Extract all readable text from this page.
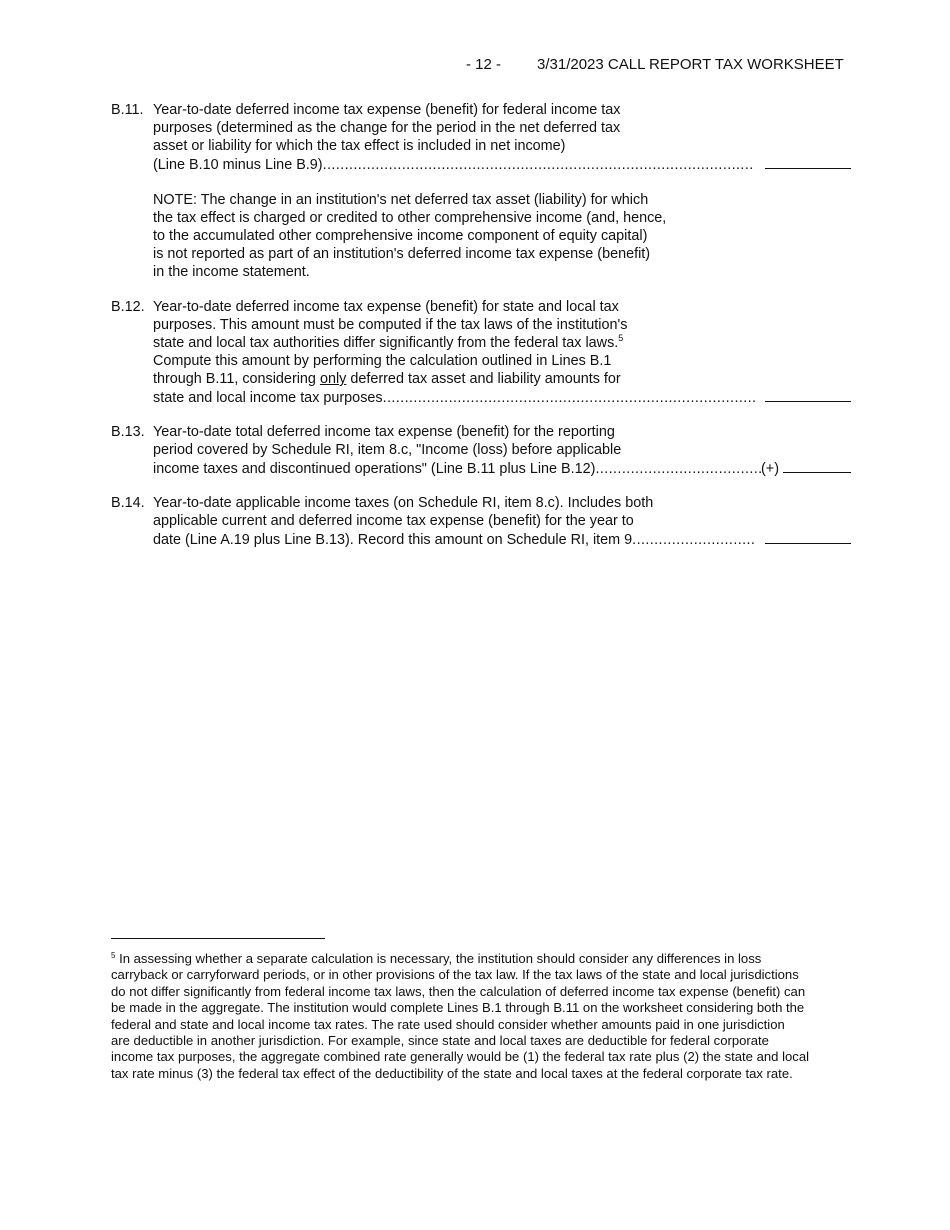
- 12 - 3/31/2023 CALL REPORT TAX WORKSHEET
B.11. Year-to-date deferred income tax expense (benefit) for federal income tax
purposes (determined as the change for the period in the net deferred tax
asset or liability for which the tax effect is included in net income)
(Line B.10 minus Line B.9)
.....
NOTE: The change in an institution's net deferred tax asset (liability) for which
the tax effect is charged or credited to other comprehensive income (and, hence,
to the accumulated other comprehensive income component of equity capital)
is not reported as part of an institution's deferred income tax expense (benefit)
in the income statement.
B.12. Year-to-date deferred income tax expense (benefit) for state and local tax
purposes. This amount must be computed if the tax laws of the institution's
state and local tax authorities differ significantly from the federal tax laws.$^5$
Compute this amount by performing the calculation outlined in Lines B.1
through B.11, considering only deferred tax asset and liability amounts for
state and local income tax purposes
.....
B.13. Year-to-date total deferred income tax expense (benefit) for the reporting
period covered by Schedule RI, item 8.c, "Income (loss) before applicable
income taxes and discontinued operations" (Line B.11 plus Line B.12)
.....	(+)
B.14. Year-to-date applicable income taxes (on Schedule RI, item 8.c). Includes both
applicable current and deferred income tax expense (benefit) for the year to
date (Line A.19 plus Line B.13). Record this amount on Schedule RI, item 9
.....
$^5$ In assessing whether a separate calculation is necessary, the institution should consider any differences in loss
carryback or carryforward periods, or in other provisions of the tax law. If the tax laws of the state and local jurisdictions
do not differ significantly from federal income tax laws, then the calculation of deferred income tax expense (benefit) can
be made in the aggregate. The institution would complete Lines B.1 through B.11 on the worksheet considering both the
federal and state and local income tax rates. The rate used should consider whether amounts paid in one jurisdiction
are deductible in another jurisdiction. For example, since state and local taxes are deductible for federal corporate
income tax purposes, the aggregate combined rate generally would be (1) the federal tax rate plus (2) the state and local
tax rate minus (3) the federal tax effect of the deductibility of the state and local taxes at the federal corporate tax rate.
